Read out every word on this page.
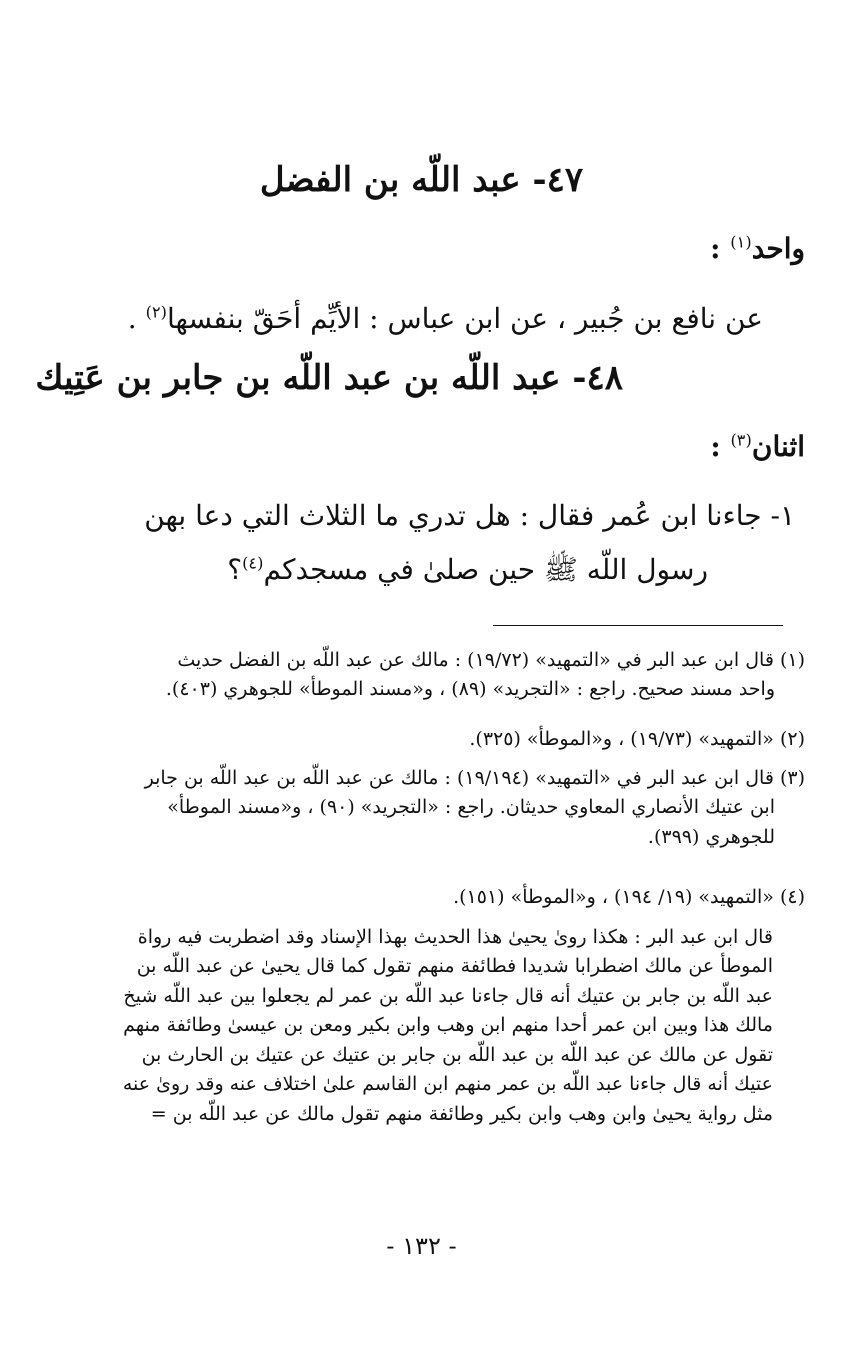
٤٧- عبد اللّه بن الفضل
واحد$^{(١)}$ :
عن نافع بن جُبير ، عن ابن عباس : الأيِّم أحَقّ بنفسها$^{(٢)}$ .
٤٨- عبد اللّه بن عبد اللّه بن جابر بن عَتِيك
اثنان$^{(٣)}$ :
١- جاءنا ابن عُمر فقال : هل تدري ما الثلاث التي دعا بهن
رسول اللّه ﷺ حين صلىٰ في مسجدكم$^{(٤)}$؟
(١) قال ابن عبد البر في «التمهيد» (١٩/٧٢) : مالك عن عبد اللّه بن الفضل حديث
واحد مسند صحيح. راجع : «التجريد» (٨٩) ، و«مسند الموطأ» للجوهري (٤٠٣).
(٢) «التمهيد» (١٩/٧٣) ، و«الموطأ» (٣٢٥).
(٣) قال ابن عبد البر في «التمهيد» (١٩/١٩٤) : مالك عن عبد اللّه بن عبد اللّه بن جابر
ابن عتيك الأنصاري المعاوي حديثان. راجع : «التجريد» (٩٠) ، و«مسند الموطأ»
للجوهري (٣٩٩).
(٤) «التمهيد» (١٩/ ١٩٤) ، و«الموطأ» (١٥١).
قال ابن عبد البر : هكذا روىٰ يحيىٰ هذا الحديث بهذا الإسناد وقد اضطربت فيه رواة
الموطأ عن مالك اضطرابا شديدا فطائفة منهم تقول كما قال يحيىٰ عن عبد اللّه بن
عبد اللّه بن جابر بن عتيك أنه قال جاءنا عبد اللّه بن عمر لم يجعلوا بين عبد اللّه شيخ
مالك هذا وبين ابن عمر أحدا منهم ابن وهب وابن بكير ومعن بن عيسىٰ وطائفة منهم
تقول عن مالك عن عبد اللّه بن عبد اللّه بن جابر بن عتيك عن عتيك بن الحارث بن
عتيك أنه قال جاءنا عبد اللّه بن عمر منهم ابن القاسم علىٰ اختلاف عنه وقد روىٰ عنه
مثل رواية يحيىٰ وابن وهب وابن بكير وطائفة منهم تقول مالك عن عبد اللّه بن =
- ١٣٢ -
